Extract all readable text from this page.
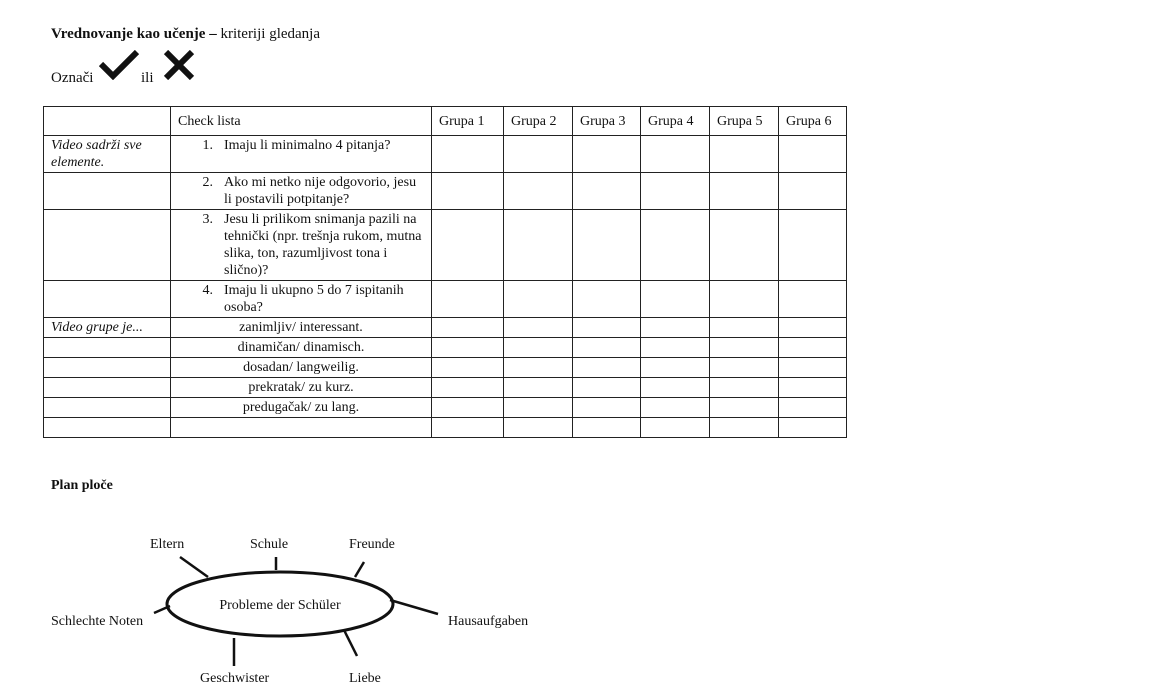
Vrednovanje kao učenje – kriteriji gledanja
Označi	ili
	Check lista	Grupa 1	Grupa 2	Grupa 3	Grupa 4	Grupa 5	Grupa 6
Video sadrži sve elemente.	1. Imaju li minimalno 4 pitanja?						

	2. Ako mi netko nije odgovorio, jesu li postavili potpitanje?						

	3. Jesu li prilikom snimanja pazili na tehnički (npr. trešnja rukom, mutna slika, ton, razumljivost tona i slično)?						

	4. Imaju li ukupno 5 do 7 ispitanih osoba?						

Video grupe je...	zanimljiv/ interessant.						
	dinamičan/ dinamisch.						
	dosadan/ langweilig.						
	prekratak/ zu kurz.						
	predugačak/ zu lang.						

Plan ploče
Probleme der Schüler
Eltern	Schule	Freunde
Schlechte Noten	Hausaufgaben
Geschwister	Liebe
